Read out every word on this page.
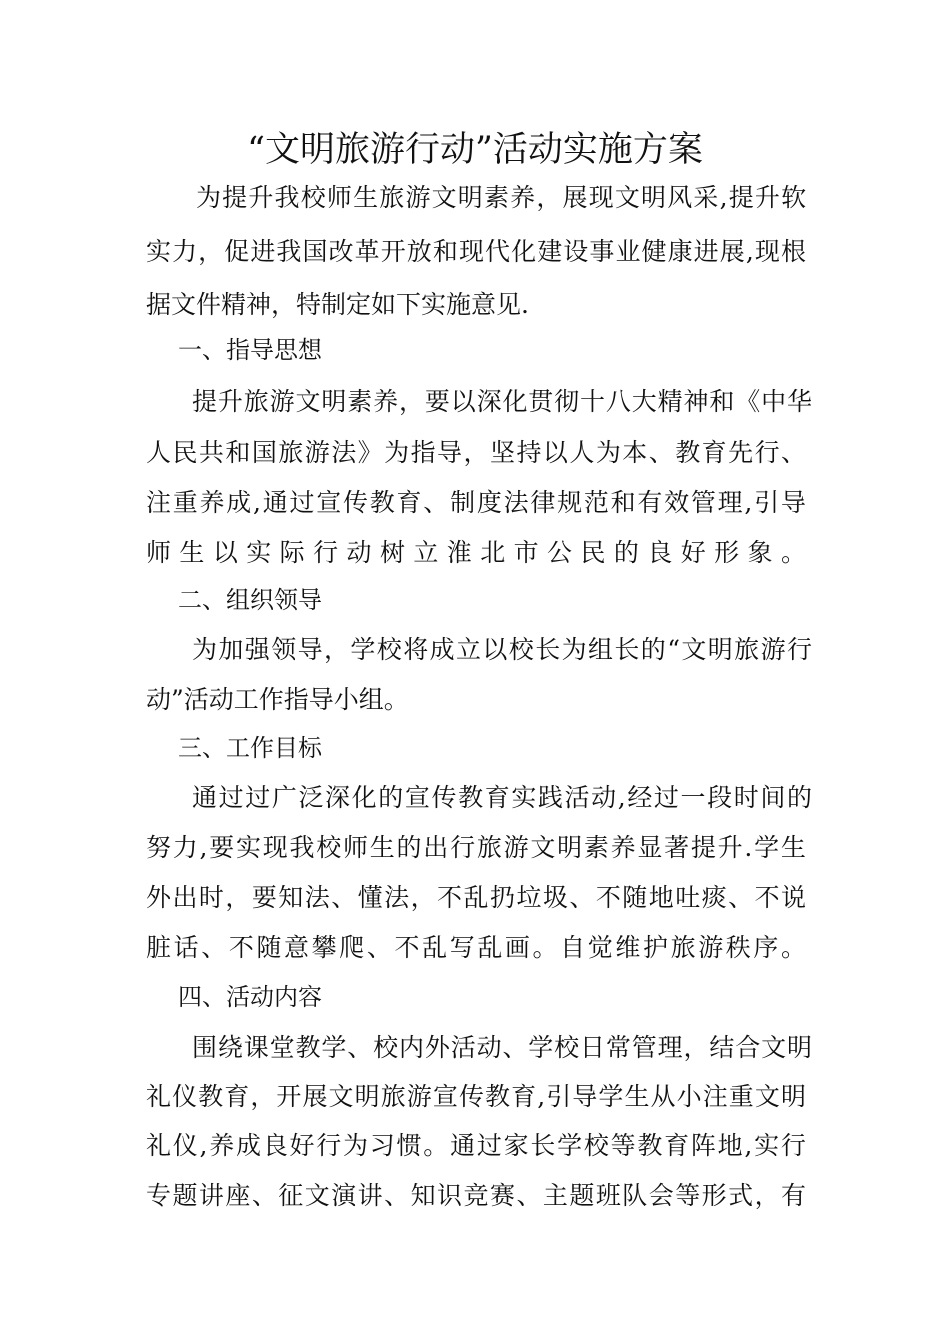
“文明旅游行动”活动实施方案
为提升我校师生旅游文明素养，展现文明风采,提升软
实力，促进我国改革开放和现代化建设事业健康进展,现根
据文件精神，特制定如下实施意见.
一、指导思想
提升旅游文明素养，要以深化贯彻十八大精神和《中华
人民共和国旅游法》为指导，坚持以人为本、教育先行、
注重养成,通过宣传教育、制度法律规范和有效管理,引导
师生以实际行动树立淮北市公民的良好形象。
二、组织领导
为加强领导，学校将成立以校长为组长的“文明旅游行
动”活动工作指导小组。
三、工作目标
通过过广泛深化的宣传教育实践活动,经过一段时间的
努力,要实现我校师生的出行旅游文明素养显著提升.学生
外出时，要知法、懂法，不乱扔垃圾、不随地吐痰、不说
脏话、不随意攀爬、不乱写乱画。自觉维护旅游秩序。
四、活动内容
围绕课堂教学、校内外活动、学校日常管理，结合文明
礼仪教育，开展文明旅游宣传教育,引导学生从小注重文明
礼仪,养成良好行为习惯。通过家长学校等教育阵地,实行
专题讲座、征文演讲、知识竞赛、主题班队会等形式，有
